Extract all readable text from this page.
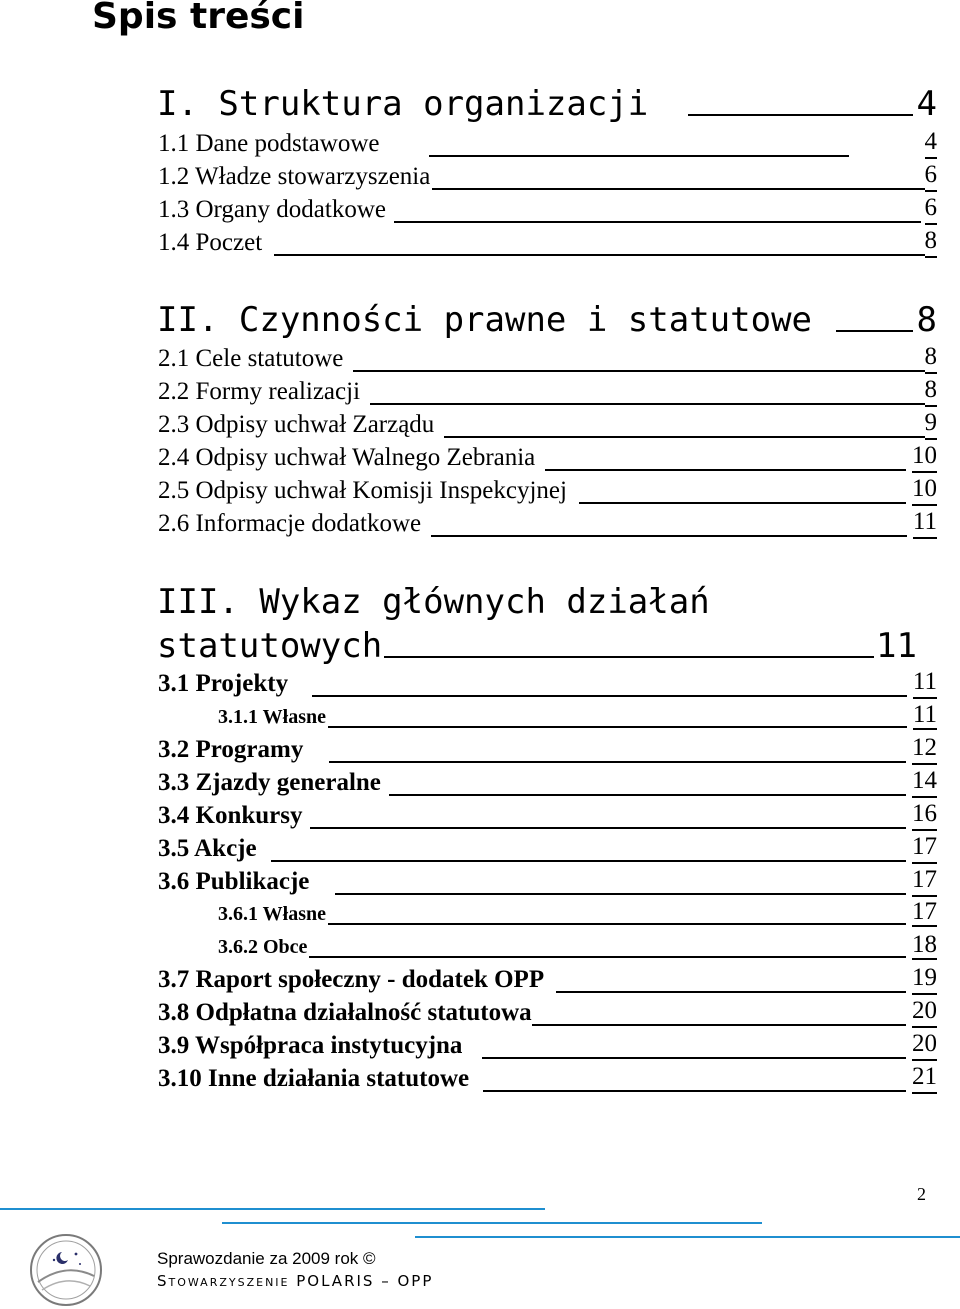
Spis treści
I. Struktura organizacji	4
1.1 Dane podstawowe	4
1.2 Władze stowarzyszenia	6
1.3 Organy dodatkowe	6
1.4 Poczet	8
II. Czynności prawne i statutowe	8
2.1 Cele statutowe	8
2.2 Formy realizacji	8
2.3 Odpisy uchwał Zarządu	9
2.4 Odpisy uchwał Walnego Zebrania	10
2.5 Odpisy uchwał Komisji Inspekcyjnej	10
2.6 Informacje dodatkowe	11
III. Wykaz głównych działań
statutowych	11
3.1 Projekty	11
3.1.1 Własne	11
3.2 Programy	12
3.3 Zjazdy generalne	14
3.4 Konkursy	16
3.5 Akcje	17
3.6 Publikacje	17
3.6.1 Własne	17
3.6.2 Obce	18
3.7 Raport społeczny - dodatek OPP	19
3.8 Odpłatna działalność statutowa	20
3.9 Współpraca instytucyjna	20
3.10 Inne działania statutowe	21
2
Sprawozdanie za 2009 rok ©
Stowarzyszenie POLARIS – OPP
